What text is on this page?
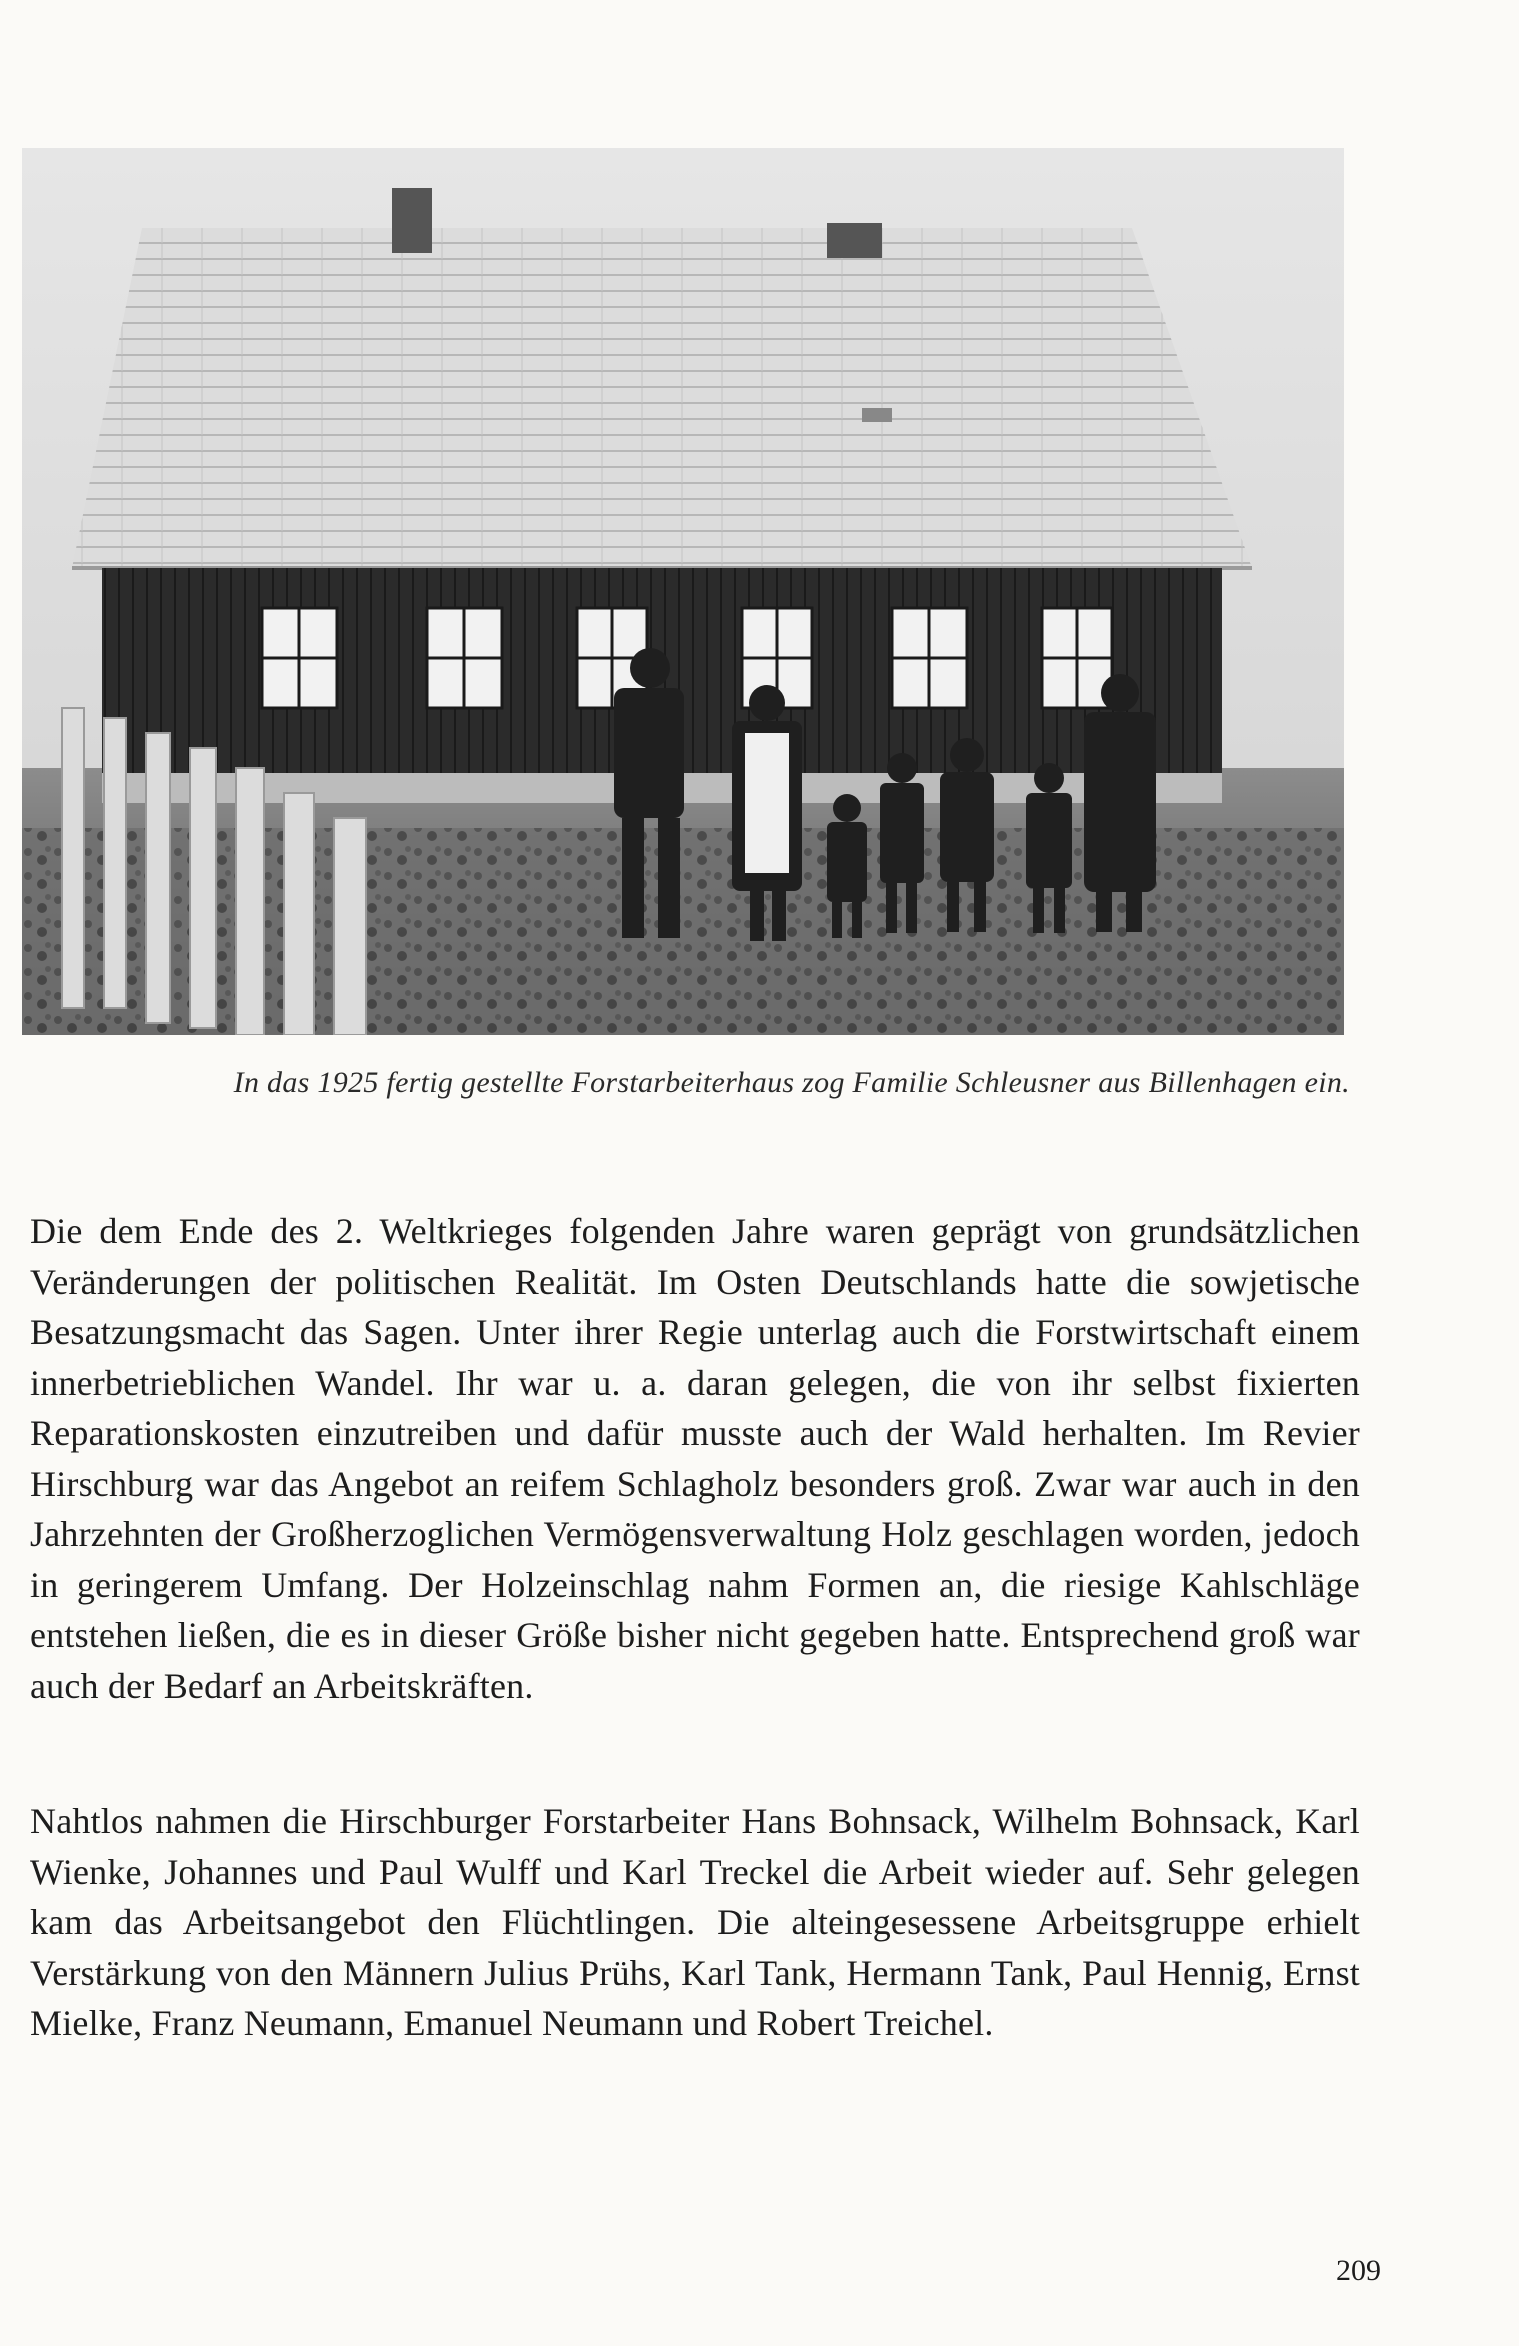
In das 1925 fertig gestellte Forstarbeiterhaus zog Familie Schleusner aus Billenhagen ein.

Die dem Ende des 2. Weltkrieges folgenden Jahre waren geprägt von grundsätzlichen Veränderungen der politischen Realität. Im Osten Deutschlands hatte die sowjetische Besatzungsmacht das Sagen. Unter ihrer Regie unterlag auch die Forstwirtschaft einem innerbetrieblichen Wandel. Ihr war u. a. daran gelegen, die von ihr selbst fixierten Reparationskosten einzutreiben und dafür musste auch der Wald herhalten. Im Revier Hirschburg war das Angebot an reifem Schlagholz besonders groß. Zwar war auch in den Jahrzehnten der Großherzoglichen Vermögensverwaltung Holz geschlagen worden, jedoch in geringerem Umfang. Der Holzeinschlag nahm Formen an, die riesige Kahlschläge entstehen ließen, die es in dieser Größe bisher nicht gegeben hatte. Entsprechend groß war auch der Bedarf an Arbeitskräften.

Nahtlos nahmen die Hirschburger Forstarbeiter Hans Bohnsack, Wilhelm Bohnsack, Karl Wienke, Johannes und Paul Wulff und Karl Treckel die Arbeit wieder auf. Sehr gelegen kam das Arbeitsangebot den Flüchtlingen. Die alteingesessene Arbeitsgruppe erhielt Verstärkung von den Männern Julius Prühs, Karl Tank, Hermann Tank, Paul Hennig, Ernst Mielke, Franz Neumann, Emanuel Neumann und Robert Treichel.

209
